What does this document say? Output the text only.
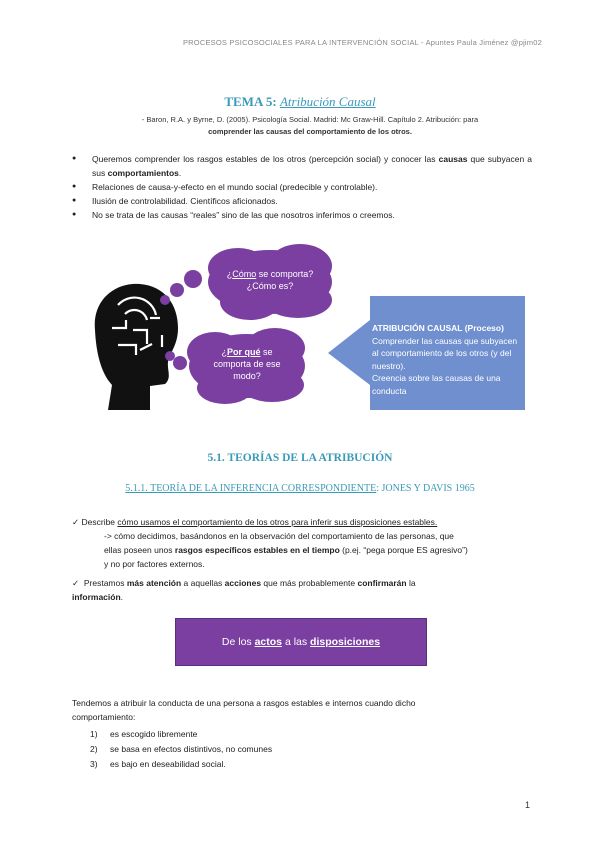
PROCESOS PSICOSOCIALES PARA LA INTERVENCIÓN SOCIAL - Apuntes Paula Jiménez @pjim02
TEMA 5: Atribución Causal
- Baron, R.A. y Byrne, D. (2005). Psicología Social. Madrid: Mc Graw-Hill. Capítulo 2. Atribución: para
comprender las causas del comportamiento de los otros.
● Queremos comprender los rasgos estables de los otros (percepción social) y conocer las causas que subyacen a sus comportamientos.
● Relaciones de causa-y-efecto en el mundo social (predecible y controlable).
● Ilusión de controlabilidad. Científicos aficionados.
● No se trata de las causas “reales” sino de las que nosotros inferimos o creemos.
¿Cómo se comporta?
¿Cómo es?
¿Por qué se comporta de ese modo?
ATRIBUCIÓN CAUSAL (Proceso)
Comprender las causas que subyacen al comportamiento de los otros (y del nuestro).
Creencia sobre las causas de una conducta
5.1. TEORÍAS DE LA ATRIBUCIÓN
5.1.1. TEORÍA DE LA INFERENCIA CORRESPONDIENTE: JONES Y DAVIS 1965
✓ Describe cómo usamos el comportamiento de los otros para inferir sus disposiciones estables.
-> cómo decidimos, basándonos en la observación del comportamiento de las personas, que
ellas poseen unos rasgos específicos estables en el tiempo (p.ej. “pega porque ES agresivo”)
y no por factores externos.
✓ Prestamos más atención a aquellas acciones que más probablemente confirmarán la
información.
De los actos a las disposiciones
Tendemos a atribuir la conducta de una persona a rasgos estables e internos cuando dicho
comportamiento:
1) es escogido libremente
2) se basa en efectos distintivos, no comunes
3) es bajo en deseabilidad social.
1
